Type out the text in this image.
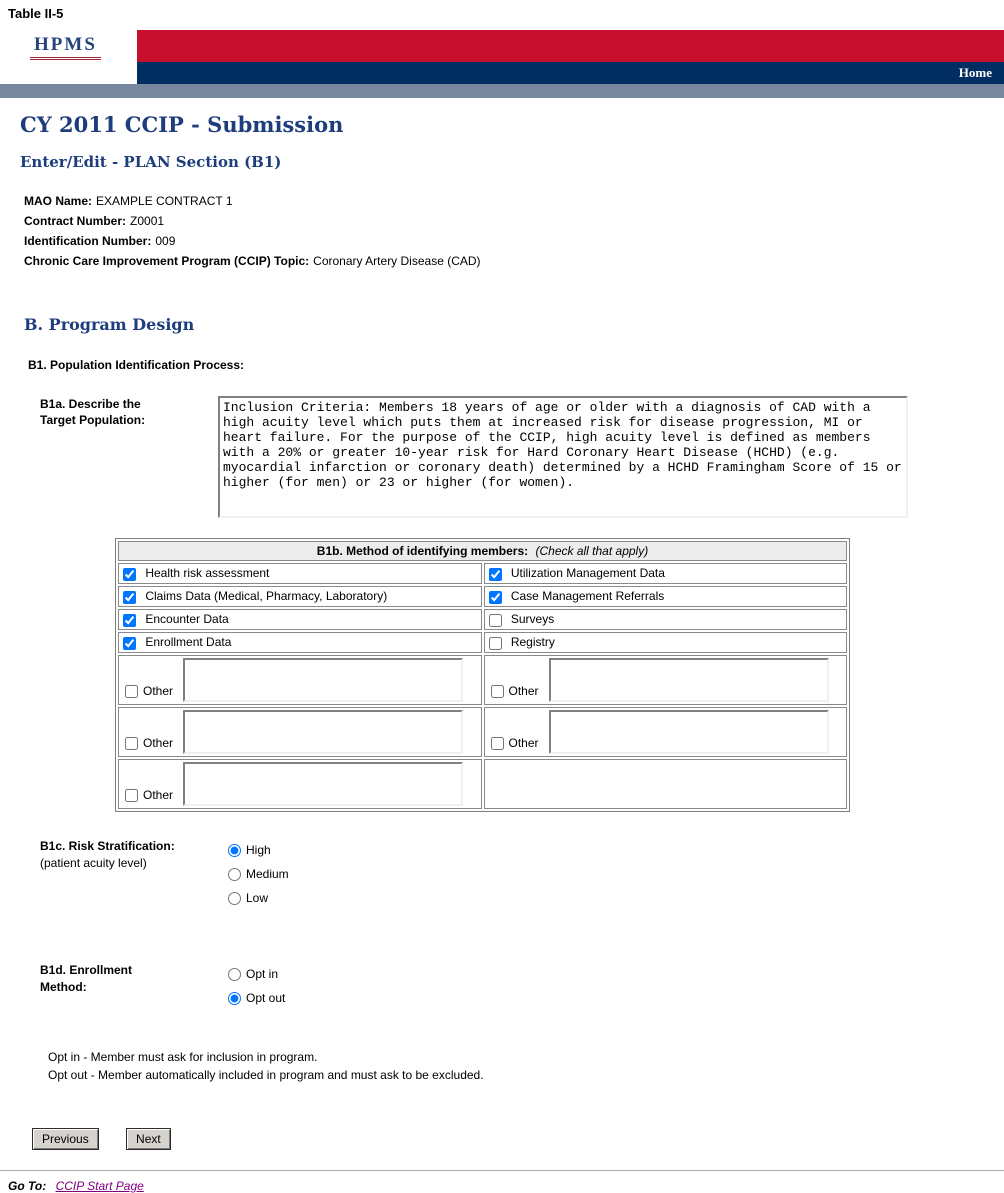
Table II-5
HPMS
Home
CY 2011 CCIP - Submission
Enter/Edit - PLAN Section (B1)
MAO Name: EXAMPLE CONTRACT 1
Contract Number: Z0001
Identification Number: 009
Chronic Care Improvement Program (CCIP) Topic: Coronary Artery Disease (CAD)
B. Program Design
B1. Population Identification Process:
B1a. Describe the
Target Population:
Inclusion Criteria: Members 18 years of age or older with a diagnosis of CAD with a high acuity level which puts them at increased risk for disease progression, MI or heart failure. For the purpose of the CCIP, high acuity level is defined as members with a 20% or greater 10-year risk for Hard Coronary Heart Disease (HCHD) (e.g. myocardial infarction or coronary death) determined by a HCHD Framingham Score of 15 or higher (for men) or 23 or higher (for women).
B1b. Method of identifying members: (Check all that apply)	
Health risk assessment	Utilization Management Data
Claims Data (Medical, Pharmacy, Laboratory)	Case Management Referrals
Encounter Data	Surveys
Enrollment Data	Registry

Other	Other

Other	Other

Other	

B1c. Risk Stratification:
(patient acuity level)
High
Medium
Low
B1d. Enrollment
Method:
Opt in
Opt out
Opt in - Member must ask for inclusion in program.
Opt out - Member automatically included in program and must ask to be excluded.
Previous	Next
Go To: CCIP Start Page
